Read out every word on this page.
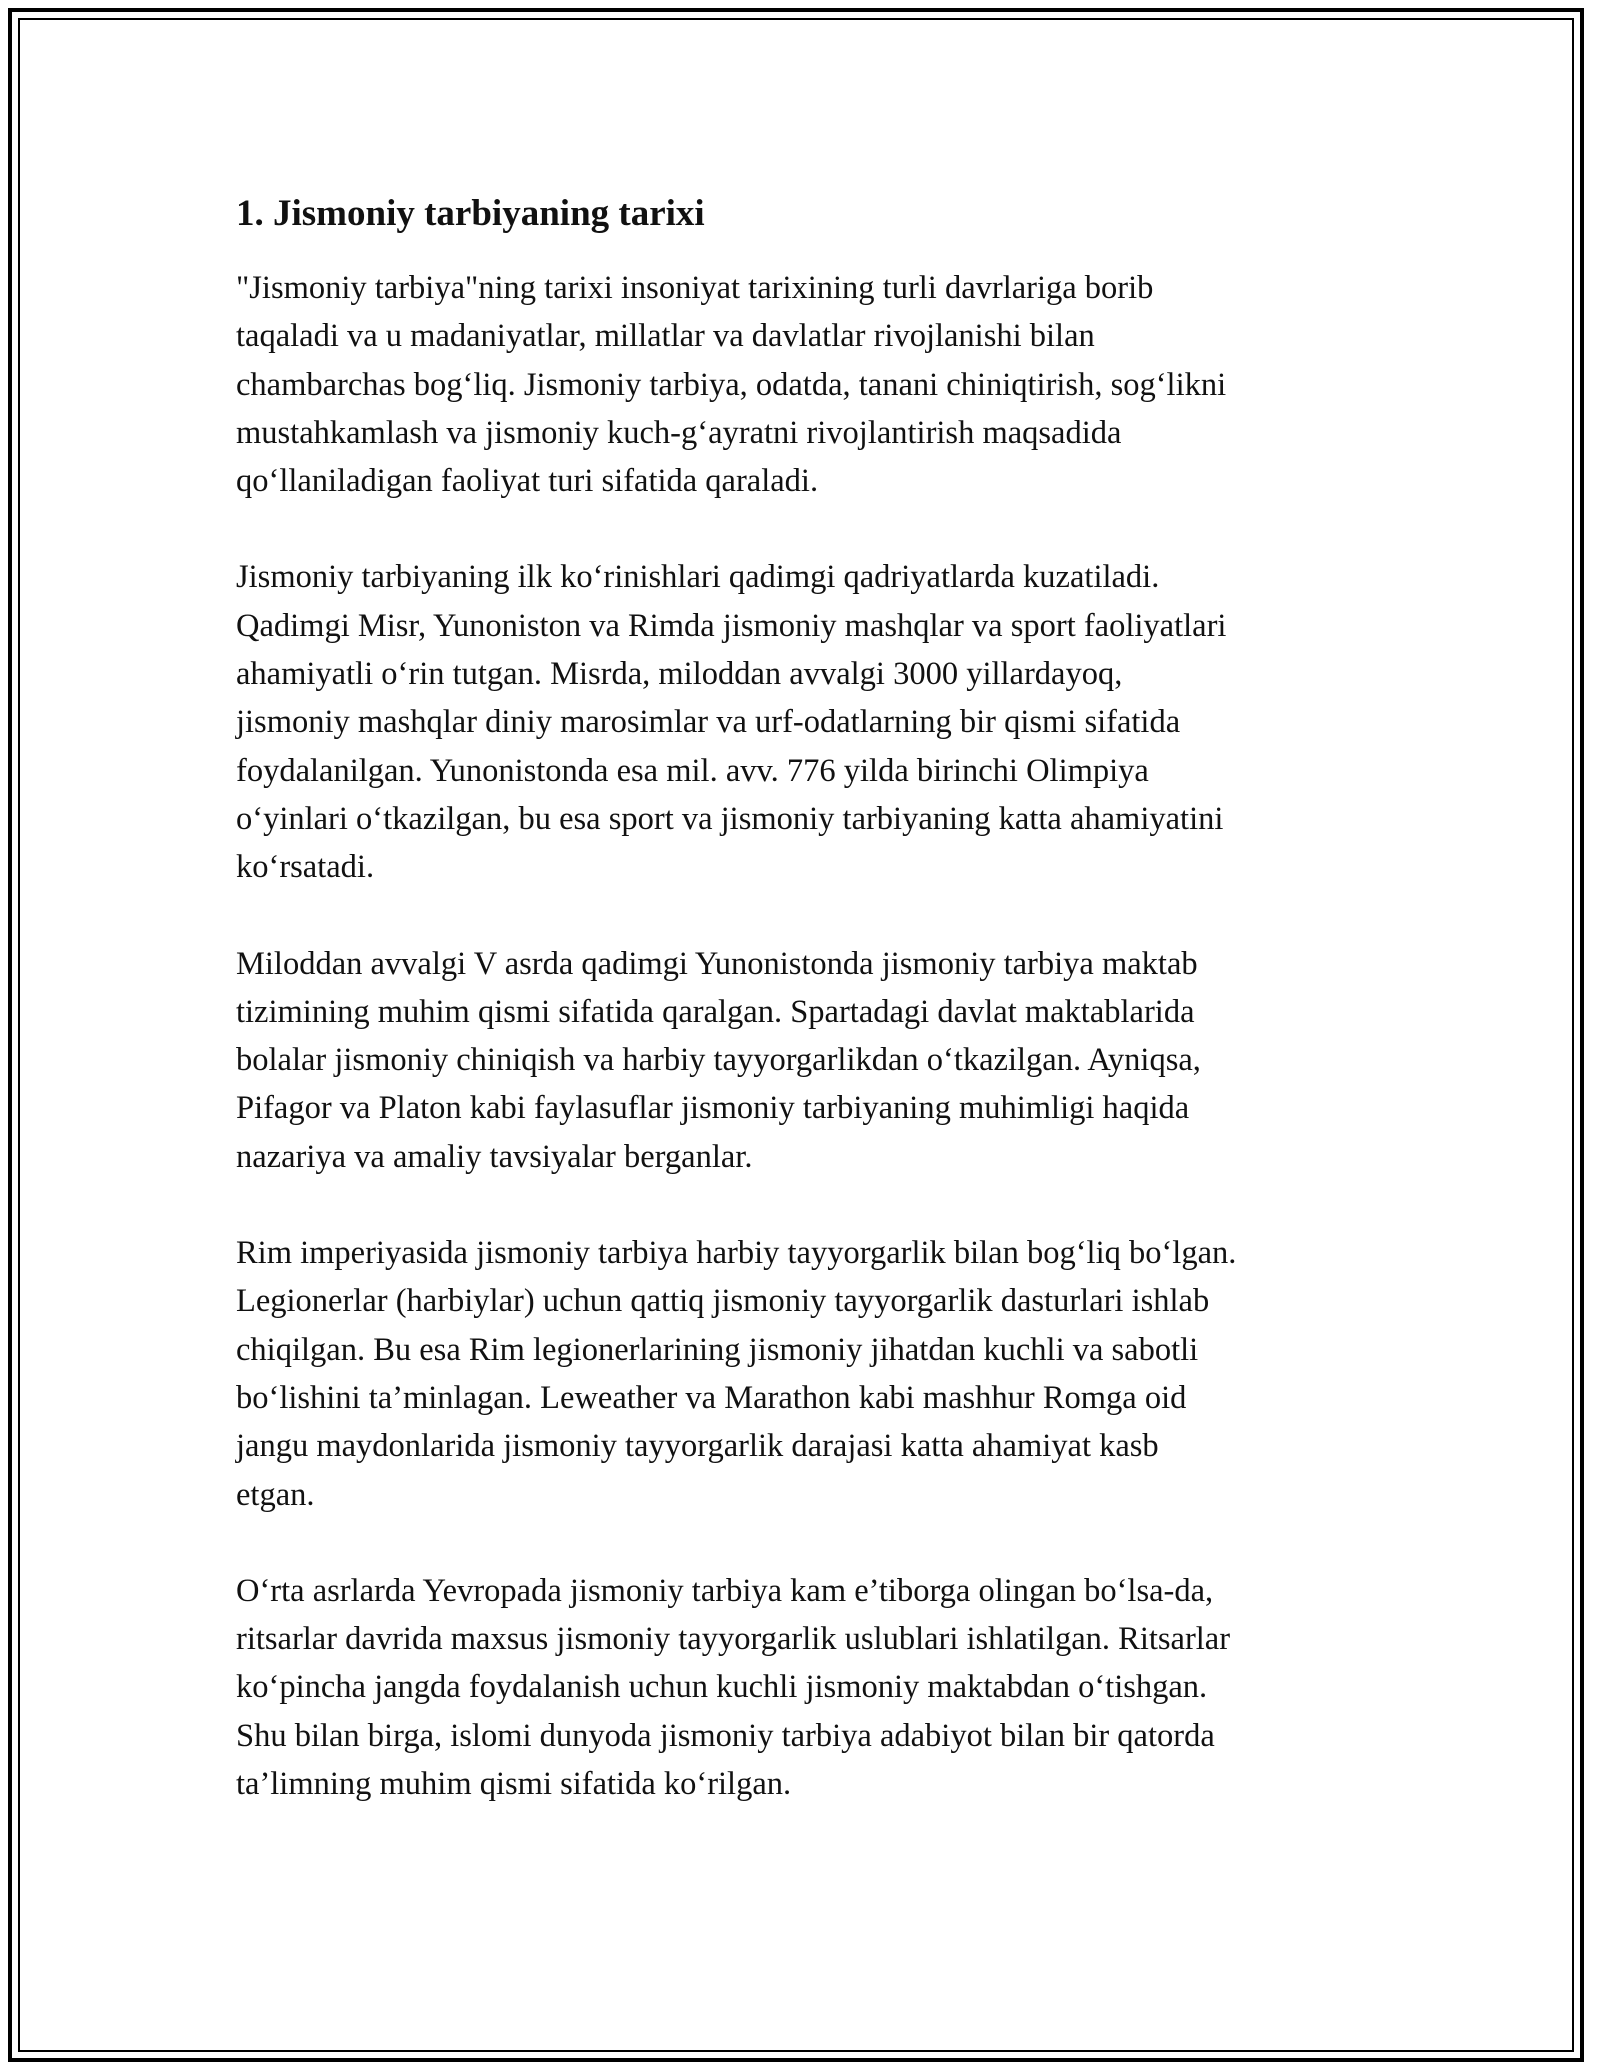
1. Jismoniy tarbiyaning tarixi

"Jismoniy tarbiya"ning tarixi insoniyat tarixining turli davrlariga borib
taqaladi va u madaniyatlar, millatlar va davlatlar rivojlanishi bilan
chambarchas bog‘liq. Jismoniy tarbiya, odatda, tanani chiniqtirish, sog‘likni
mustahkamlash va jismoniy kuch-g‘ayratni rivojlantirish maqsadida
qo‘llaniladigan faoliyat turi sifatida qaraladi.

Jismoniy tarbiyaning ilk ko‘rinishlari qadimgi qadriyatlarda kuzatiladi.
Qadimgi Misr, Yunoniston va Rimda jismoniy mashqlar va sport faoliyatlari
ahamiyatli o‘rin tutgan. Misrda, miloddan avvalgi 3000 yillardayoq,
jismoniy mashqlar diniy marosimlar va urf-odatlarning bir qismi sifatida
foydalanilgan. Yunonistonda esa mil. avv. 776 yilda birinchi Olimpiya
o‘yinlari o‘tkazilgan, bu esa sport va jismoniy tarbiyaning katta ahamiyatini
ko‘rsatadi.

Miloddan avvalgi V asrda qadimgi Yunonistonda jismoniy tarbiya maktab
tizimining muhim qismi sifatida qaralgan. Spartadagi davlat maktablarida
bolalar jismoniy chiniqish va harbiy tayyorgarlikdan o‘tkazilgan. Ayniqsa,
Pifagor va Platon kabi faylasuflar jismoniy tarbiyaning muhimligi haqida
nazariya va amaliy tavsiyalar berganlar.

Rim imperiyasida jismoniy tarbiya harbiy tayyorgarlik bilan bog‘liq bo‘lgan.
Legionerlar (harbiylar) uchun qattiq jismoniy tayyorgarlik dasturlari ishlab
chiqilgan. Bu esa Rim legionerlarining jismoniy jihatdan kuchli va sabotli
bo‘lishini ta’minlagan. Leweather va Marathon kabi mashhur Romga oid
jangu maydonlarida jismoniy tayyorgarlik darajasi katta ahamiyat kasb
etgan.

O‘rta asrlarda Yevropada jismoniy tarbiya kam e’tiborga olingan bo‘lsa-da,
ritsarlar davrida maxsus jismoniy tayyorgarlik uslublari ishlatilgan. Ritsarlar
ko‘pincha jangda foydalanish uchun kuchli jismoniy maktabdan o‘tishgan.
Shu bilan birga, islomi dunyoda jismoniy tarbiya adabiyot bilan bir qatorda
ta’limning muhim qismi sifatida ko‘rilgan.
